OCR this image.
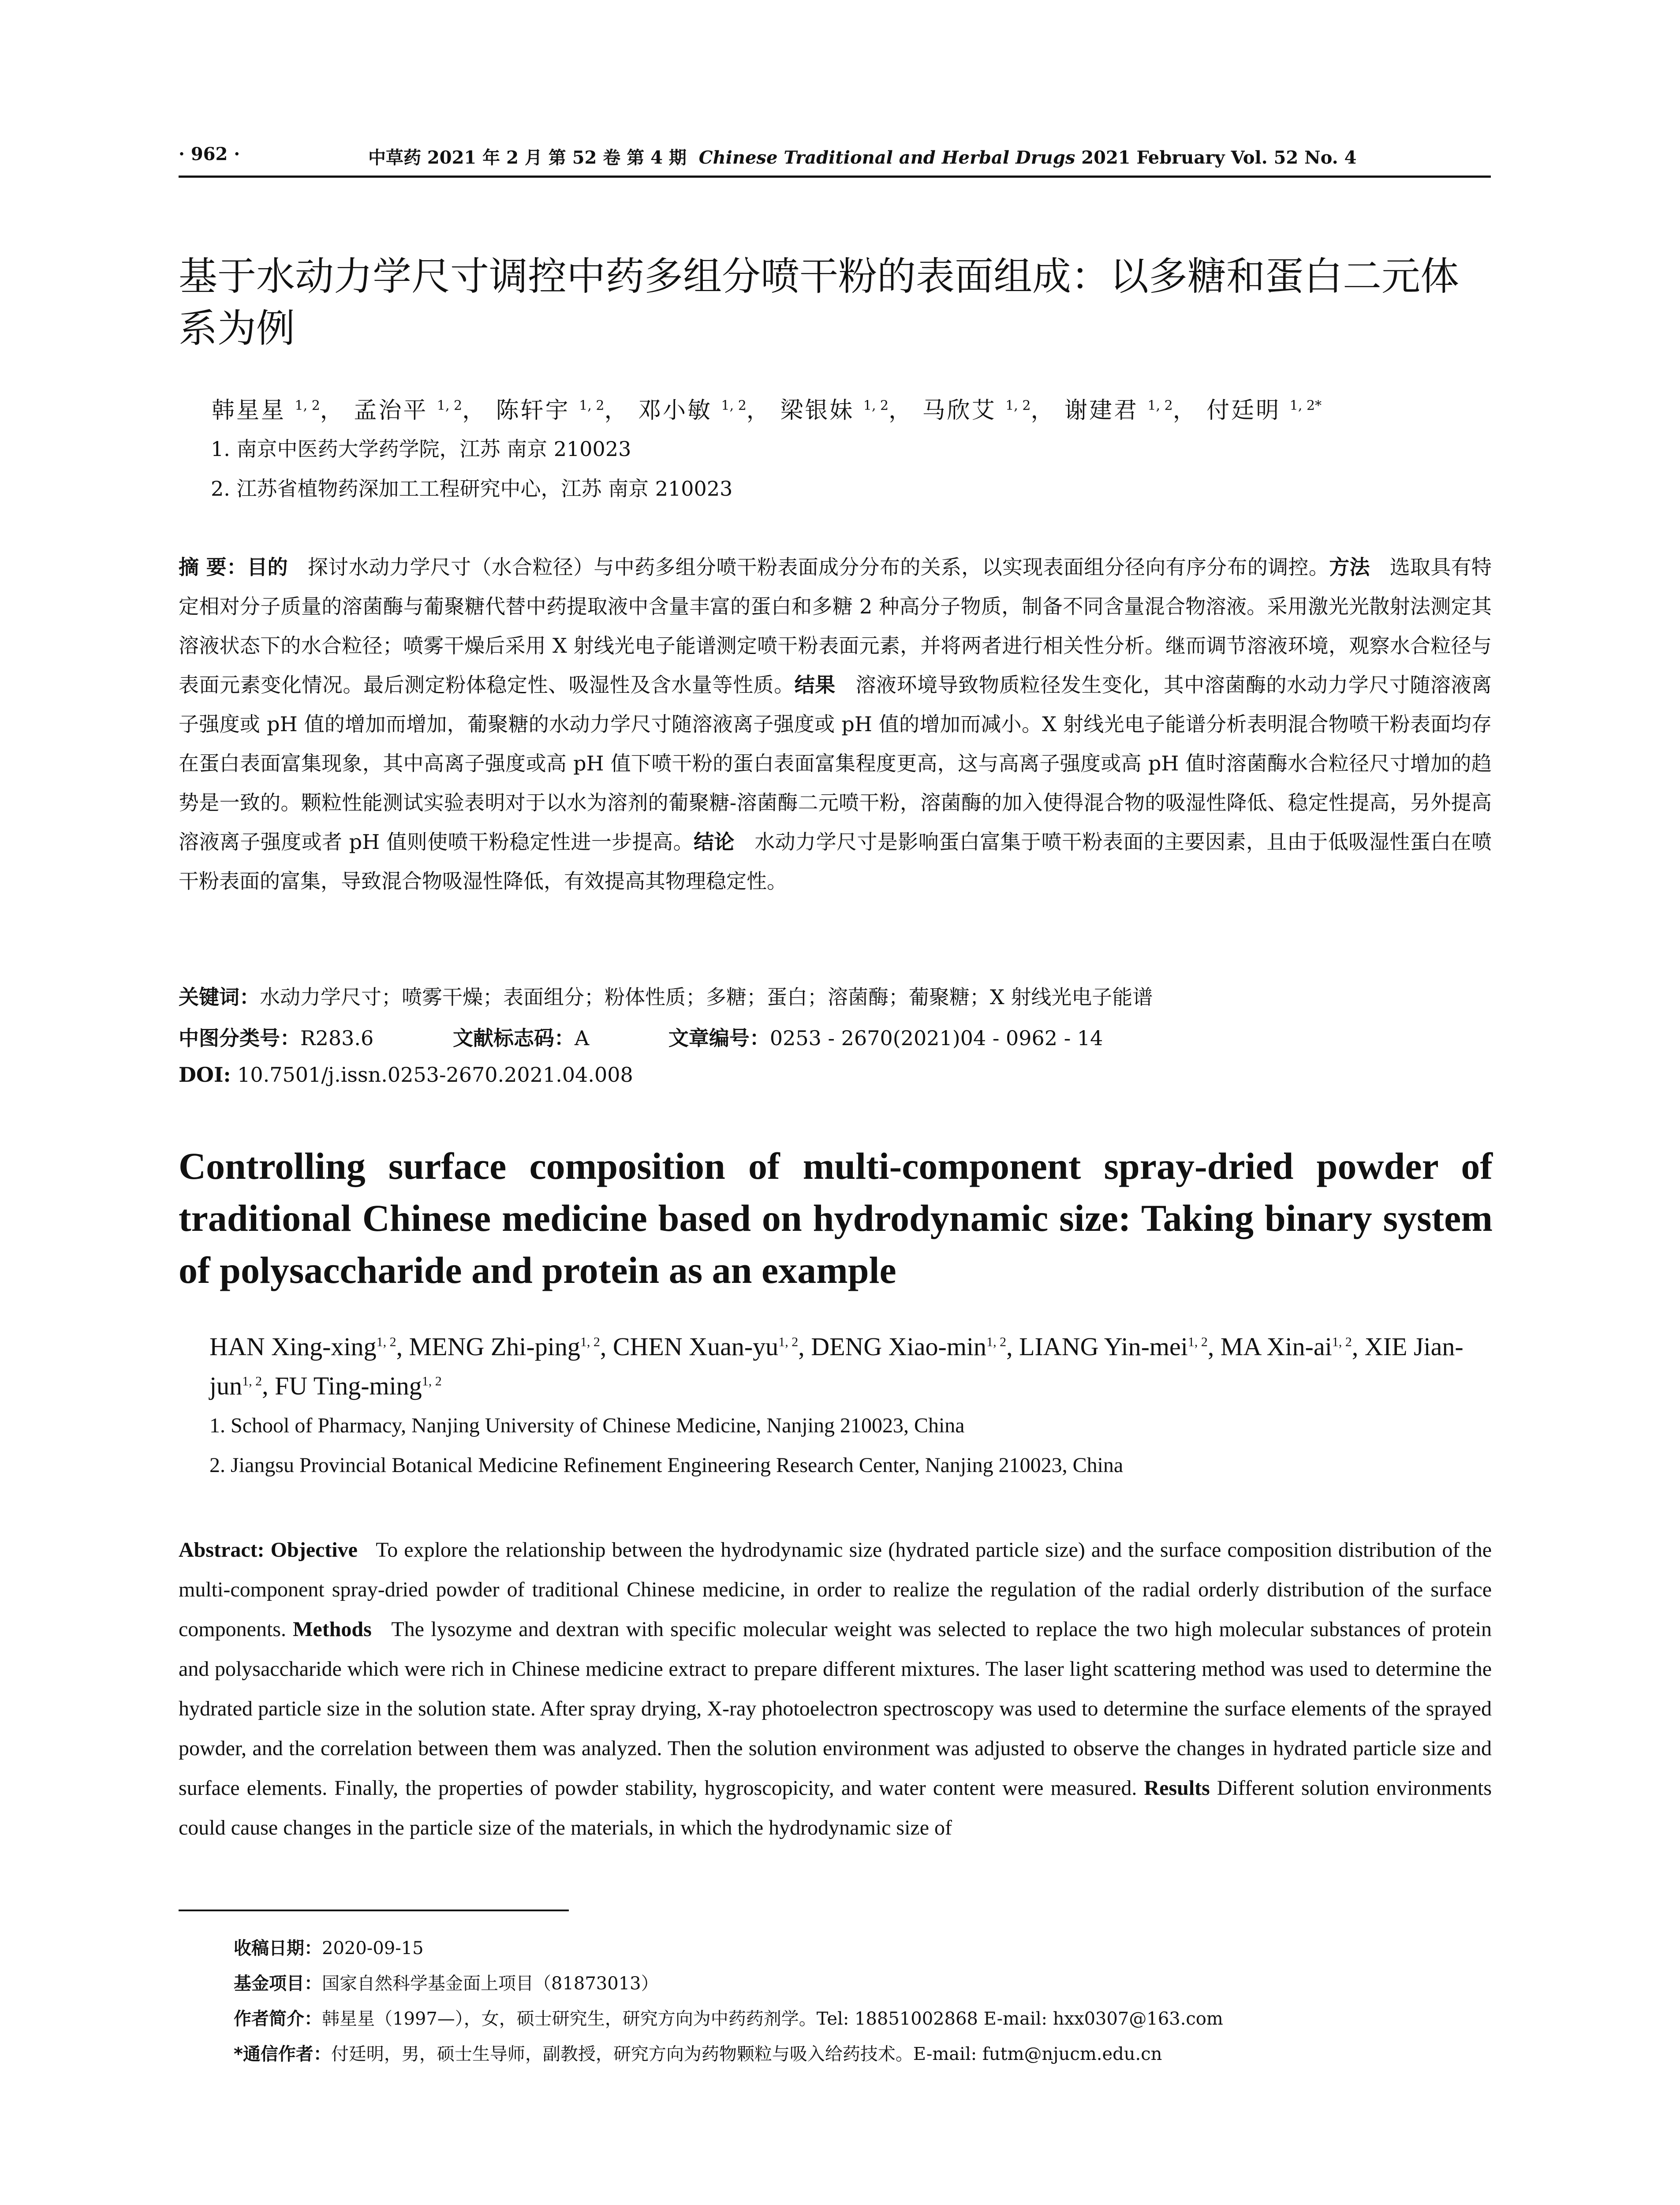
· 962 ·	中草药 2021 年 2 月 第 52 卷 第 4 期 Chinese Traditional and Herbal Drugs 2021 February Vol. 52 No. 4
基于水动力学尺寸调控中药多组分喷干粉的表面组成：以多糖和蛋白二元体系为例
韩星星 $^{1, 2}$， 孟治平 $^{1, 2}$， 陈轩宇 $^{1, 2}$， 邓小敏 $^{1, 2}$， 梁银妹 $^{1, 2}$， 马欣艾 $^{1, 2}$， 谢建君 $^{1, 2}$， 付廷明 $^{1, 2*}$
1. 南京中医药大学药学院，江苏 南京 210023
2. 江苏省植物药深加工工程研究中心，江苏 南京 210023
摘 要：目的 探讨水动力学尺寸（水合粒径）与中药多组分喷干粉表面成分分布的关系，以实现表面组分径向有序分布的调控。方法 选取具有特定相对分子质量的溶菌酶与葡聚糖代替中药提取液中含量丰富的蛋白和多糖 2 种高分子物质，制备不同含量混合物溶液。采用激光光散射法测定其溶液状态下的水合粒径；喷雾干燥后采用 X 射线光电子能谱测定喷干粉表面元素，并将两者进行相关性分析。继而调节溶液环境，观察水合粒径与表面元素变化情况。最后测定粉体稳定性、吸湿性及含水量等性质。结果 溶液环境导致物质粒径发生变化，其中溶菌酶的水动力学尺寸随溶液离子强度或 pH 值的增加而增加，葡聚糖的水动力学尺寸随溶液离子强度或 pH 值的增加而减小。X 射线光电子能谱分析表明混合物喷干粉表面均存在蛋白表面富集现象，其中高离子强度或高 pH 值下喷干粉的蛋白表面富集程度更高，这与高离子强度或高 pH 值时溶菌酶水合粒径尺寸增加的趋势是一致的。颗粒性能测试实验表明对于以水为溶剂的葡聚糖-溶菌酶二元喷干粉，溶菌酶的加入使得混合物的吸湿性降低、稳定性提高，另外提高溶液离子强度或者 pH 值则使喷干粉稳定性进一步提高。结论 水动力学尺寸是影响蛋白富集于喷干粉表面的主要因素，且由于低吸湿性蛋白在喷干粉表面的富集，导致混合物吸湿性降低，有效提高其物理稳定性。
关键词：水动力学尺寸；喷雾干燥；表面组分；粉体性质；多糖；蛋白；溶菌酶；葡聚糖；X 射线光电子能谱
中图分类号：R283.6	文献标志码：A	文章编号：0253 - 2670(2021)04 - 0962 - 14
DOI: 10.7501/j.issn.0253-2670.2021.04.008
Controlling surface composition of multi-component spray-dried powder of traditional Chinese medicine based on hydrodynamic size: Taking binary system of polysaccharide and protein as an example
HAN Xing-xing$^{1, 2}$, MENG Zhi-ping$^{1, 2}$, CHEN Xuan-yu$^{1, 2}$, DENG Xiao-$\min^{1, 2}$, LIANG Yin-mei$^{1, 2}$, MA Xin-ai$^{1, 2}$, XIE Jian-jun$^{1, 2}$, FU Ting-ming$^{1, 2}$
1. School of Pharmacy, Nanjing University of Chinese Medicine, Nanjing 210023, China
2. Jiangsu Provincial Botanical Medicine Refinement Engineering Research Center, Nanjing 210023, China
Abstract: Objective To explore the relationship between the hydrodynamic size (hydrated particle size) and the surface composition distribution of the multi-component spray-dried powder of traditional Chinese medicine, in order to realize the regulation of the radial orderly distribution of the surface components. Methods The lysozyme and dextran with specific molecular weight was selected to replace the two high molecular substances of protein and polysaccharide which were rich in Chinese medicine extract to prepare different mixtures. The laser light scattering method was used to determine the hydrated particle size in the solution state. After spray drying, X-ray photoelectron spectroscopy was used to determine the surface elements of the sprayed powder, and the correlation between them was analyzed. Then the solution environment was adjusted to observe the changes in hydrated particle size and surface elements. Finally, the properties of powder stability, hygroscopicity, and water content were measured. Results Different solution environments could cause changes in the particle size of the materials, in which the hydrodynamic size of
收稿日期：2020-09-15
基金项目：国家自然科学基金面上项目（81873013）
作者简介：韩星星（1997—），女，硕士研究生，研究方向为中药药剂学。Tel: 18851002868 E-mail: hxx0307@163.com
*通信作者：付廷明，男，硕士生导师，副教授，研究方向为药物颗粒与吸入给药技术。E-mail: futm@njucm.edu.cn
